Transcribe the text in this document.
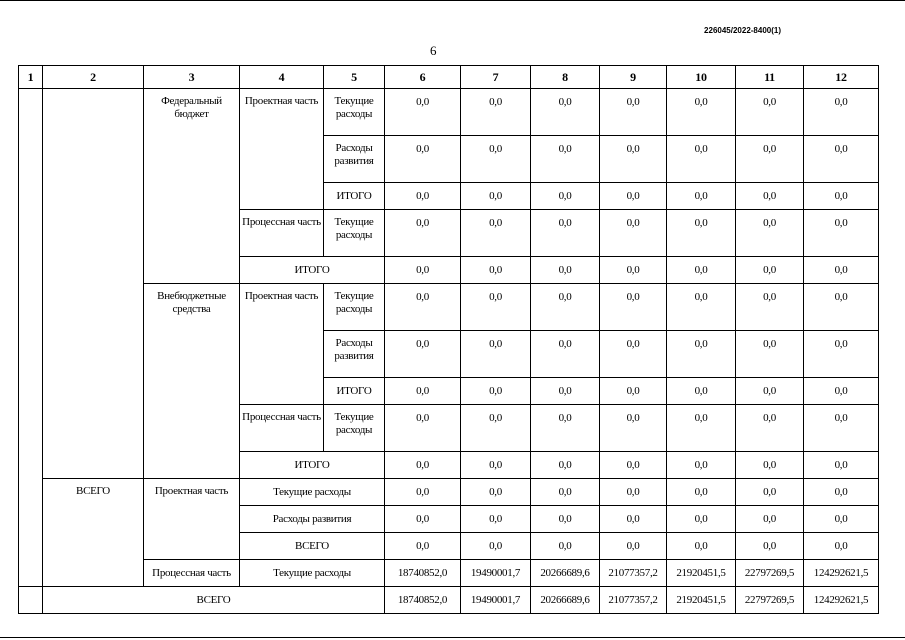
226045/2022-8400(1)
6
1	2	3	4	5	6	7	8	9	10	11	12
		Федеральный бюджет	Проектная часть	Текущие расходы	0,0	0,0	0,0	0,0	0,0	0,0	0,0
				Расходы развития	0,0	0,0	0,0	0,0	0,0	0,0	0,0
				ИТОГО	0,0	0,0	0,0	0,0	0,0	0,0	0,0
			Процессная часть	Текущие расходы	0,0	0,0	0,0	0,0	0,0	0,0	0,0
			ИТОГО		0,0	0,0	0,0	0,0	0,0	0,0	0,0
		Внебюджетные средства	Проектная часть	Текущие расходы	0,0	0,0	0,0	0,0	0,0	0,0	0,0
				Расходы развития	0,0	0,0	0,0	0,0	0,0	0,0	0,0
				ИТОГО	0,0	0,0	0,0	0,0	0,0	0,0	0,0
			Процессная часть	Текущие расходы	0,0	0,0	0,0	0,0	0,0	0,0	0,0
			ИТОГО		0,0	0,0	0,0	0,0	0,0	0,0	0,0
	ВСЕГО	Проектная часть	Текущие расходы		0,0	0,0	0,0	0,0	0,0	0,0	0,0
			Расходы развития		0,0	0,0	0,0	0,0	0,0	0,0	0,0
			ВСЕГО		0,0	0,0	0,0	0,0	0,0	0,0	0,0
		Процессная часть	Текущие расходы		18740852,0	19490001,7	20266689,6	21077357,2	21920451,5	22797269,5	124292621,5
	ВСЕГО				18740852,0	19490001,7	20266689,6	21077357,2	21920451,5	22797269,5	124292621,5
